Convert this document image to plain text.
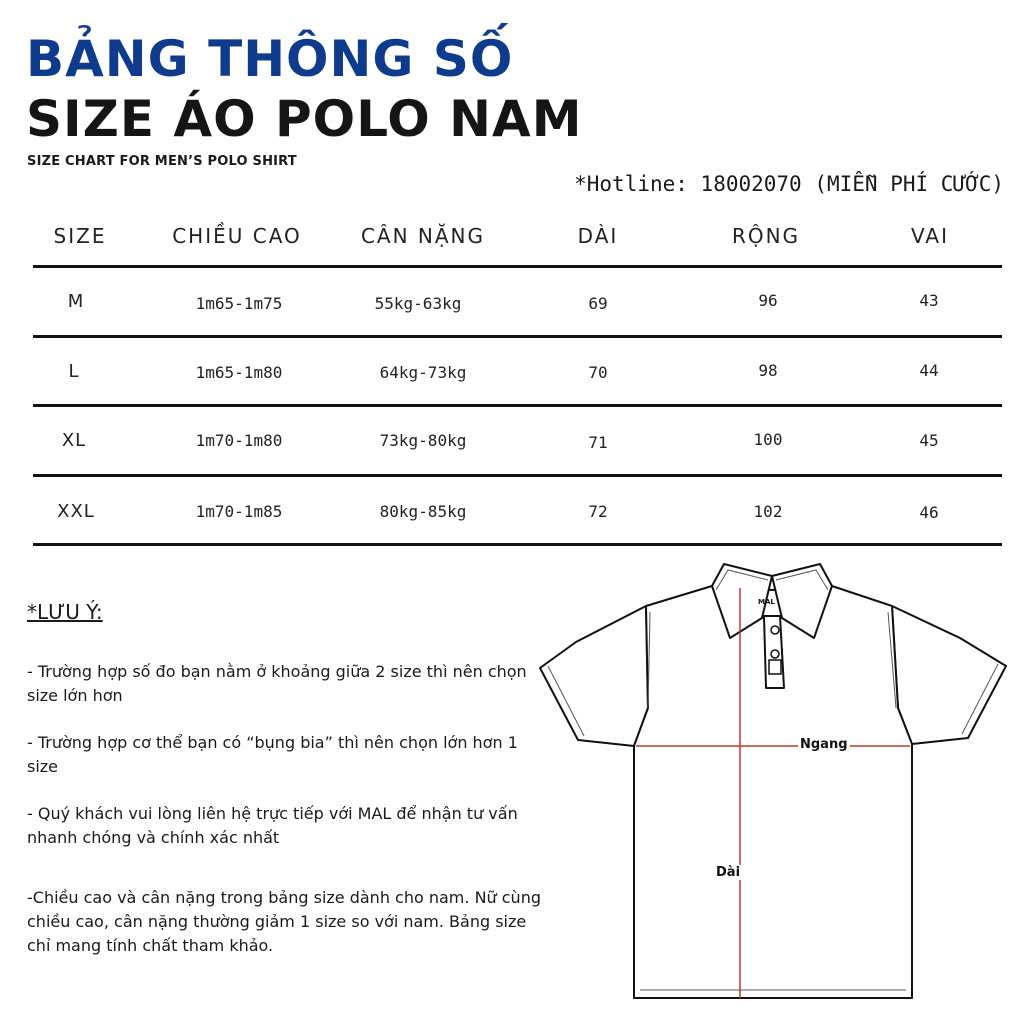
BẢNG THÔNG SỐ
SIZE ÁO POLO NAM
SIZE CHART FOR MEN’S POLO SHIRT
*Hotline: 18002070 (MIỄN PHÍ CƯỚC)
SIZE	CHIỀU CAO	CÂN NẶNG	DÀI	RỘNG	VAI
M	1m65-1m75	55kg-63kg	69	96	43
L	1m65-1m80	64kg-73kg	70	98	44
XL	1m70-1m80	73kg-80kg	71	100	45
XXL	1m70-1m85	80kg-85kg	72	102	46
*LƯU Ý:
- Trường hợp số đo bạn nằm ở khoảng giữa 2 size thì nên chọn size lớn hơn
- Trường hợp cơ thể bạn có “bụng bia” thì nên chọn lớn hơn 1 size
- Quý khách vui lòng liên hệ trực tiếp với MAL để nhận tư vấn nhanh chóng và chính xác nhất
-Chiều cao và cân nặng trong bảng size dành cho nam. Nữ cùng chiều cao, cân nặng thường giảm 1 size so với nam. Bảng size chỉ mang tính chất tham khảo.
MAL
Ngang
Dài
